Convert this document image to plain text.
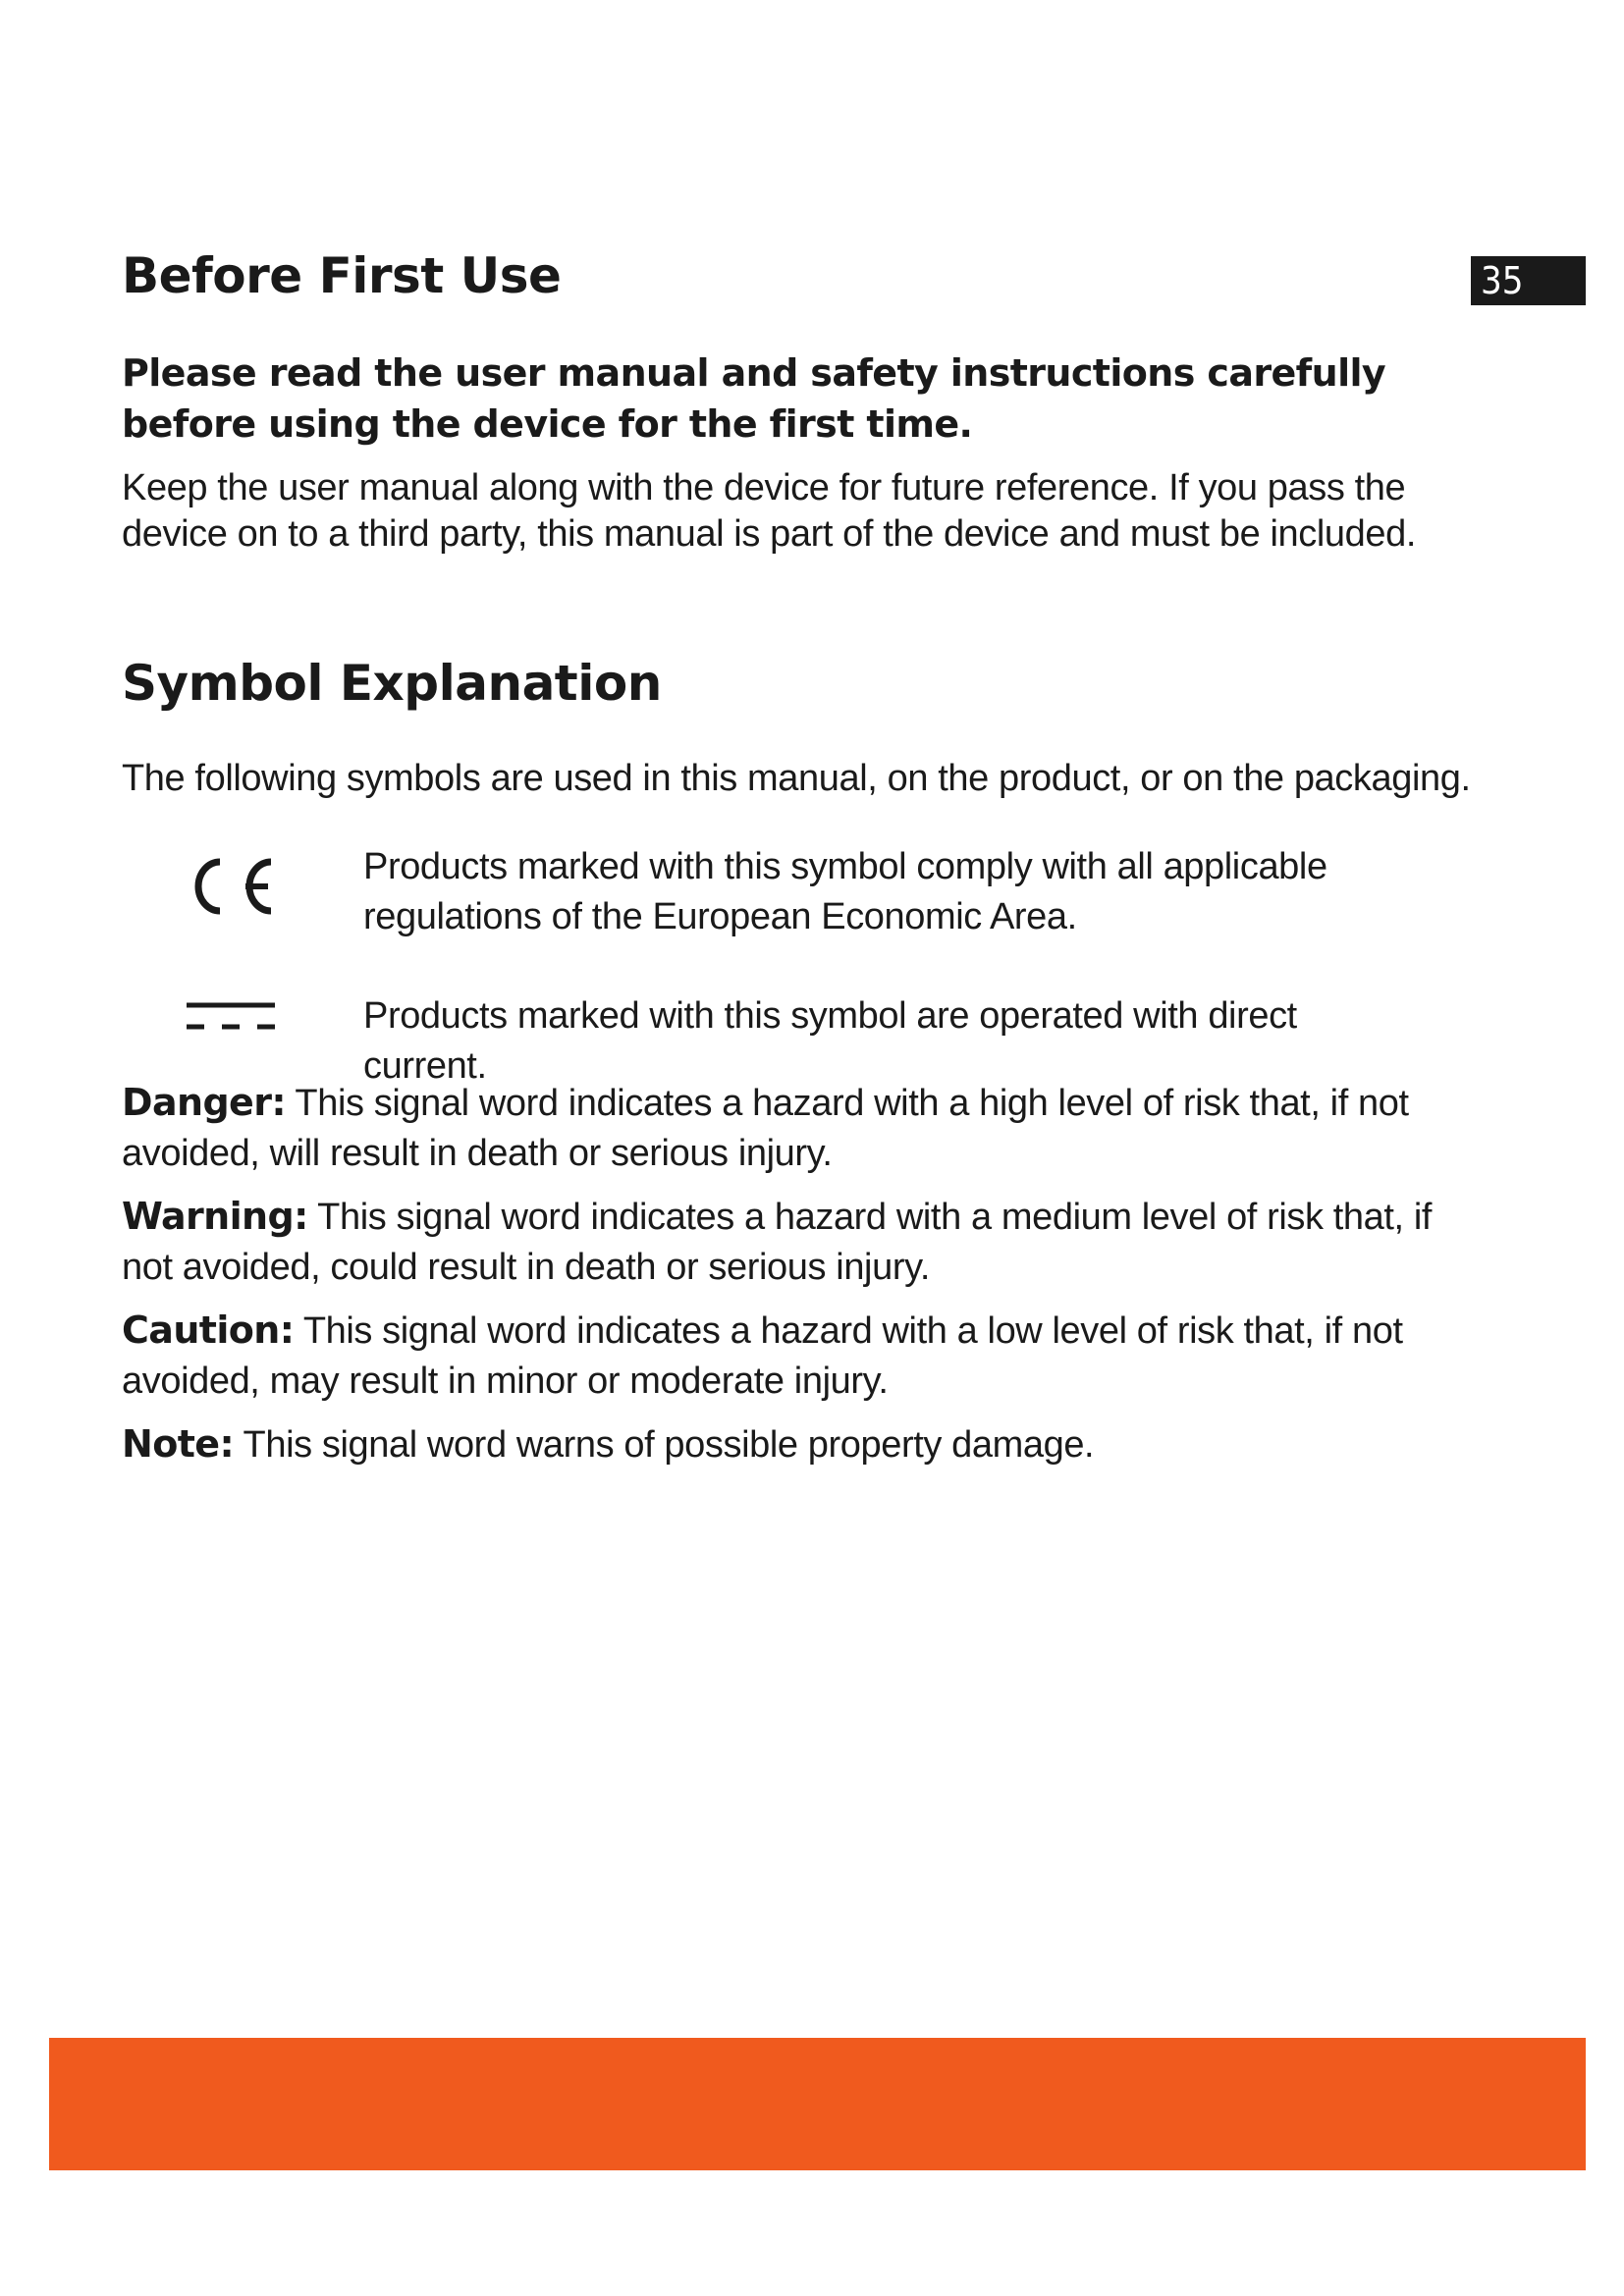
35
Before First Use
Please read the user manual and safety instructions carefully before using the device for the first time.
Keep the user manual along with the device for future reference. If you pass the device on to a third party, this manual is part of the device and must be included.
Symbol Explanation
The following symbols are used in this manual, on the product, or on the packaging.
Products marked with this symbol comply with all applicable regulations of the European Economic Area.
Products marked with this symbol are operated with direct current.

Danger: This signal word indicates a hazard with a high level of risk that, if not avoided, will result in death or serious injury.

Warning: This signal word indicates a hazard with a medium level of risk that, if not avoided, could result in death or serious injury.

Caution: This signal word indicates a hazard with a low level of risk that, if not avoided, may result in minor or moderate injury.

Note: This signal word warns of possible property damage.
